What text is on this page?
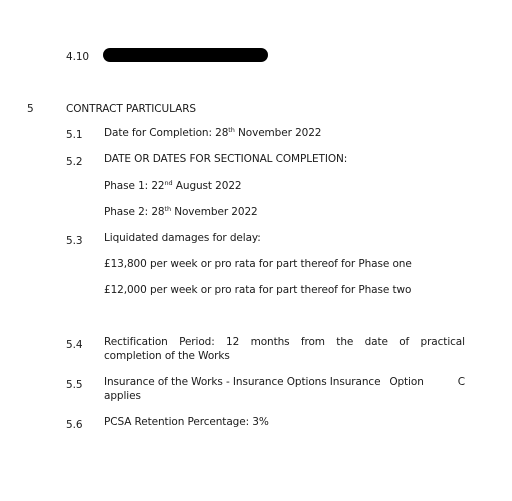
4.10
5	CONTRACT PARTICULARS
5.1 Date for Completion: 28th November 2022
5.2 DATE OR DATES FOR SECTIONAL COMPLETION:
Phase 1: 22nd August 2022
Phase 2: 28th November 2022
5.3 Liquidated damages for delay:
£13,800 per week or pro rata for part thereof for Phase one
£12,000 per week or pro rata for part thereof for Phase two
5.4 Rectification Period: 12 months from the date of practical
completion of the Works
5.5 Insurance of the Works - Insurance Options Insurance Option	C
applies
5.6 PCSA Retention Percentage: 3%
